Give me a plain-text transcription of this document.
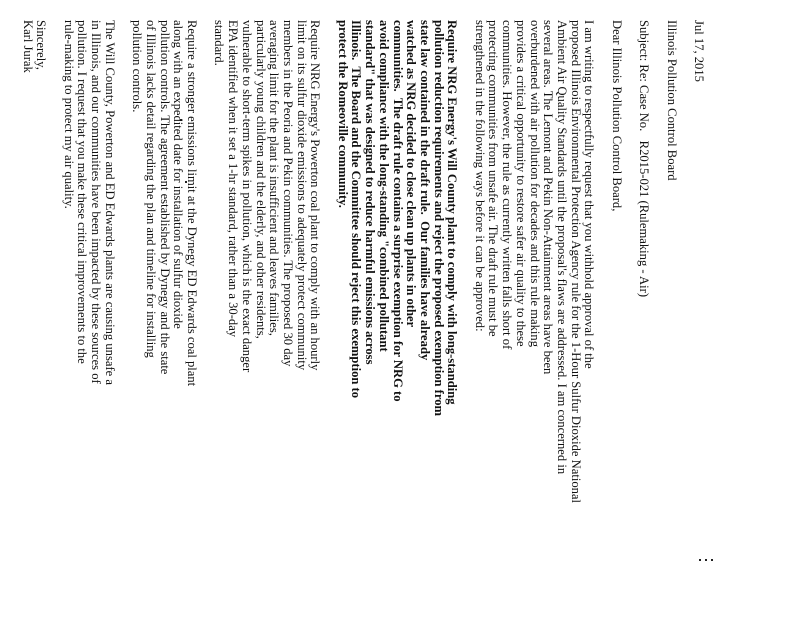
Jul 17, 2015
Illinois Pollution Control Board
Subject: Re: Case No.   R2015-021 (Rulemaking - Air)
Dear Illinois Pollution Control Board,
I am writing to respectfully request that you withhold approval of the
proposed Illinois Environmental Protection Agency rule for the 1-Hour Sulfur Dioxide National
Ambient Air Quality Standards until the proposal's flaws are addressed. I am concerned in
several areas. The Lemont and Pekin Non-Attainment areas have been
overburdened with air pollution for decades and this rule making
provides a critical opportunity to restore safer air quality to these
communities. However, the rule as currently written falls short of
protecting communities from unsafe air. The draft rule must be
strengthened in the following ways before it can be approved:
Require NRG Energy's Will County plant to comply with long-standing
pollution reduction requirements and reject the proposed exemption from
state law contained in the draft rule.  Our families have already
watched as NRG decided to close clean up plants in other
communities.  The draft rule contains a surprise exemption for NRG to
avoid compliance with the long-standing "combined pollutant
standard" that was designed to reduce harmful emissions across
Illinois.  The Board and the Committee should reject this exemption to
protect the Romeoville community.
Require NRG Energy's Powerton coal plant to comply with an hourly
limit on its sulfur dioxide emissions to adequately protect community
members in the Peoria and Pekin communities. The proposed 30 day
averaging limit for the plant is insufficient and leaves families,
particularly young children and the elderly, and other residents,
vulnerable to short-term spikes in pollution, which is the exact danger
EPA identified when it set a 1-hr standard, rather than a 30-day
standard.
Require a stronger emissions limit at the Dynegy ED Edwards coal plant
along with an expedited date for installation of sulfur dioxide
pollution controls. The agreement established by Dynegy and the state
of Illinois lacks detail regarding the plan and timeline for installing
pollution controls.
The Will County, Powerton and ED Edwards plants are causing unsafe a
in Illinois, and our communities have been impacted by these sources of
pollution. I request that you make these critical improvements to the
rule-making to protect my air quality.
Sincerely,
Karl Jurak
